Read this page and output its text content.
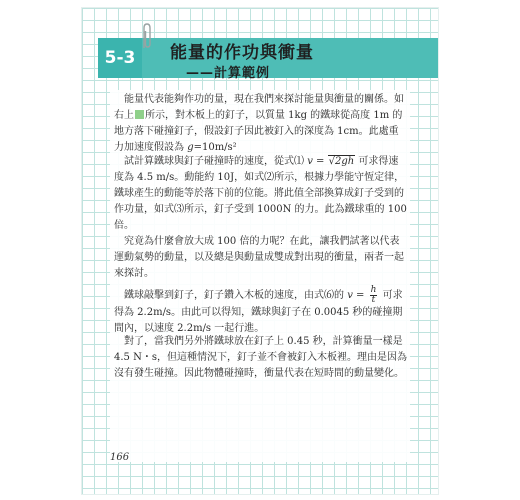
5-3 能量的作功與衝量
——計算範例

 能量代表能夠作功的量，現在我們來探討能量與衝量的關係。如右上 所示，對木板上的釘子，以質量 1kg 的鐵球從高度 1m 的地方落下碰撞釘子，假設釘子因此被釘入的深度為 1cm。此處重力加速度假設為 g=10m/s²

 試計算鐵球與釘子碰撞時的速度，從式⑴ v = √2gh 可求得速度為 4.5 m/s。動能約 10J，如式⑵所示，根據力學能守恆定律，鐵球產生的動能等於落下前的位能。將此值全部換算成釘子受到的作功量，如式⑶所示，釘子受到 1000N 的力。此為鐵球重的 100 倍。

 究竟為什麼會放大成 100 倍的力呢？在此，讓我們試著以代表運動氣勢的動量，以及總是與動量成雙成對出現的衝量，兩者一起來探討。

 鐵球敲擊到釘子，釘子鑽入木板的速度，由式⑹的 $v = \frac{h}{t}$ 可求得為 2.2m/s。由此可以得知，鐵球與釘子在 0.0045 秒的碰撞期間內，以速度 2.2m/s 一起行進。

 對了，當我們另外將鐵球放在釘子上 0.45 秒，計算衝量一樣是 4.5 N・s，但這種情況下，釘子並不會被釘入木板裡。理由是因為沒有發生碰撞。因此物體碰撞時，衝量代表在短時間的動量變化。

166
